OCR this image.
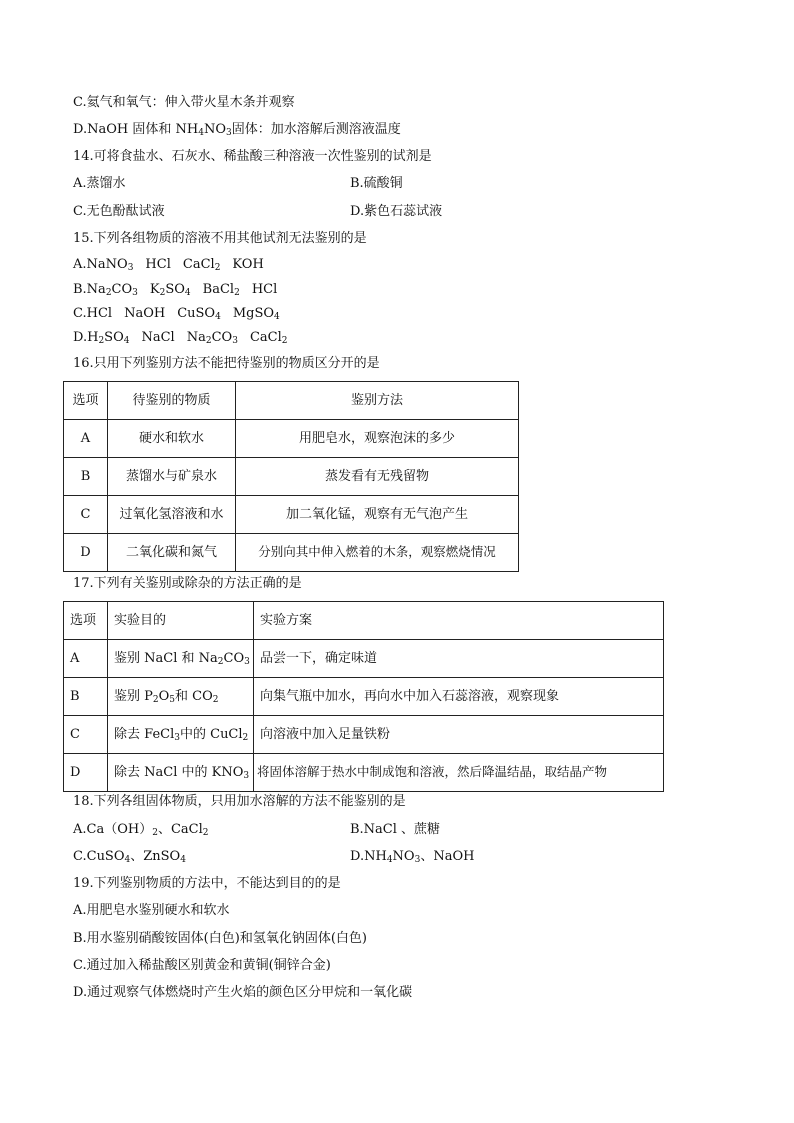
C.氦气和氧气：伸入带火星木条并观察
D.NaOH 固体和 $NH_4NO_3$固体：加水溶解后测溶液温度
14.可将食盐水、石灰水、稀盐酸三种溶液一次性鉴别的试剂是
A.蒸馏水	B.硫酸铜
C.无色酚酞试液	D.紫色石蕊试液
15.下列各组物质的溶液不用其他试剂无法鉴别的是
A.NaNO$_3$ HCl CaCl$_2$ KOH
$B.Na_2CO_3$ $K_2SO_4$ BaCl$_2$ HCl
C.HCl NaOH CuSO$_4$ MgSO$_4$
$D.H_2SO_4$ NaCl $Na_2CO_3$ CaCl$_2$
16.只用下列鉴别方法不能把待鉴别的物质区分开的是
选项	待鉴别的物质	鉴别方法
A	硬水和软水	用肥皂水，观察泡沫的多少
B	蒸馏水与矿泉水	蒸发看有无残留物
C	过氧化氢溶液和水	加二氧化锰，观察有无气泡产生
D	二氧化碳和氮气	分别向其中伸入燃着的木条，观察燃烧情况
17.下列有关鉴别或除杂的方法正确的是
选项	实验目的	实验方案
A	鉴别 NaCl 和 $Na_2CO_3$	品尝一下，确定味道
B	鉴别 $P_2O_5$和 $CO_2$	向集气瓶中加水，再向水中加入石蕊溶液，观察现象
C	除去 FeCl$_3$中的 CuCl$_2$	向溶液中加入足量铁粉
D	除去 NaCl 中的 $KNO_3$	将固体溶解于热水中制成饱和溶液，然后降温结晶，取结晶产物
18.下列各组固体物质，只用加水溶解的方法不能鉴别的是
$A.Ca(OH)_2$、CaCl$_2$	B.NaCl 、蔗糖
C.CuSO$_4$、ZnSO$_4$	$D.NH_4NO_3$、NaOH
19.下列鉴别物质的方法中，不能达到目的的是
A.用肥皂水鉴别硬水和软水
B.用水鉴别硝酸铵固体(白色)和氢氧化钠固体(白色)
C.通过加入稀盐酸区别黄金和黄铜(铜锌合金)
D.通过观察气体燃烧时产生火焰的颜色区分甲烷和一氧化碳
